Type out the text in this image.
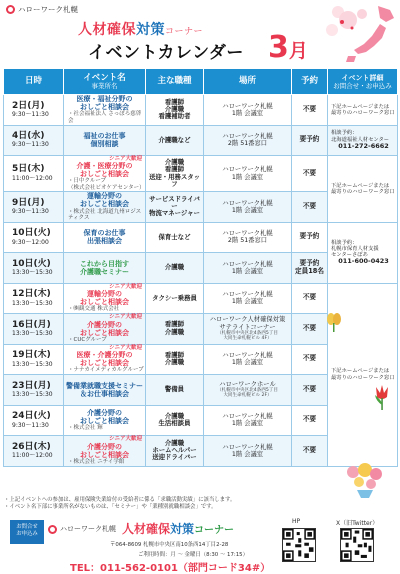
ハローワーク札幌
人材確保対策コーナー
イベントカレンダー 3月
日時	イベント名
事業所名	主な職種	場所	予約	イベント詳細
お問合せ・お申込み

2日(月)
9:30～11:30	医療・福祉分野の
おしごと相談会
・社会福祉法人 さっぽろ慈啓会	看護師
介護職
看護補助者	ハローワーク札幌
1階 会議室	不要	下記ホームページまたは
最寄りのハローワーク窓口

4日(水)
9:30～11:30	福祉のお仕事
個別相談	介護職など	ハローワーク札幌
2階 51番窓口	要予約	相談予約：
北海道福祉人材センター
011-272-6662

5日(木)
11:00～12:00	シニア大歓迎
介護・医療分野の
おしごと相談会
・日中クループ
（株式会社ビオケアセンター）	介護職
看護師
送迎・用務スタッフ	ハローワーク札幌
1階 会議室	不要	下記ホームページまたは
最寄りのハローワーク窓口

9日(月)
9:30～11:30	運輸分野の
おしごと相談会
・株式会社 北海道九州ロジスティクス	サービスドライバー
物流マネージャー	ハローワーク札幌
1階 会議室	不要	

10日(火)
9:30～12:00	保育のお仕事
出張相談会	保育士など	ハローワーク札幌
2階 51番窓口	要予約	相談予約：
札幌市保育人材支援
センターさぽあ
011-600-0423

10日(火)
13:30～15:30	これから目指す
介護職セミナー	介護職	ハローワーク札幌
1階 会議室	要予約
定員18名	

12日(木)
13:30～15:30	シニア大歓迎
運輸分野の
おしごと相談会
・㈱観交通 株式会社	タクシー乗務員	ハローワーク札幌
1階 会議室	不要	下記ホームページまたは
最寄りのハローワーク窓口

16日(月)
13:30～15:30	シニア大歓迎
介護分野の
おしごと相談会
・CUCグループ	看護師
介護職	ハローワーク人材確保対策
サテライトコーナー
（札幌市中央区北4条西5丁目
大同生命札幌ビル 4F）	不要	

19日(木)
13:30～15:30	シニア大歓迎
医療・介護分野の
おしごと相談会
・ナナカイメディカルグループ	看護師
介護職	ハローワーク札幌
1階 会議室	不要	

23日(月)
13:30～15:30	警備業就職支援セミナー
＆お仕事相談会	警備員	ハローワークホール
（札幌市中央区北4条西5丁目
大同生命札幌ビル 2F）	不要	

24日(火)
9:30～11:30	介護分野の
おしごと相談会
・株式会社 輝	介護職
生活相談員	ハローワーク札幌
1階 会議室	不要	

26日(木)
11:00～12:00	シニア大歓迎
介護分野の
おしごと相談会
・株式会社 ニチイ学館	介護職
ホームヘルパー
送迎ドライバー	ハローワーク札幌
1階 会議室	不要	
・上記イベントへの参加は、雇用保険失業給付の受給者に係る「求職活動実績」に該当します。
・イベント名下部に事業所名がないものは、「セミナー」や「業種別就職相談会」です。
お問合せ
お申込み
ハローワーク札幌 人材確保対策コーナー
〒064-8609 札幌市中央区南10条西14丁目2-28
ご利用時間：月 ～ 金曜日（8:30 ～ 17:15）
TEL：011-562-0101（部門コード34#）
HP	X（旧Twitter）
